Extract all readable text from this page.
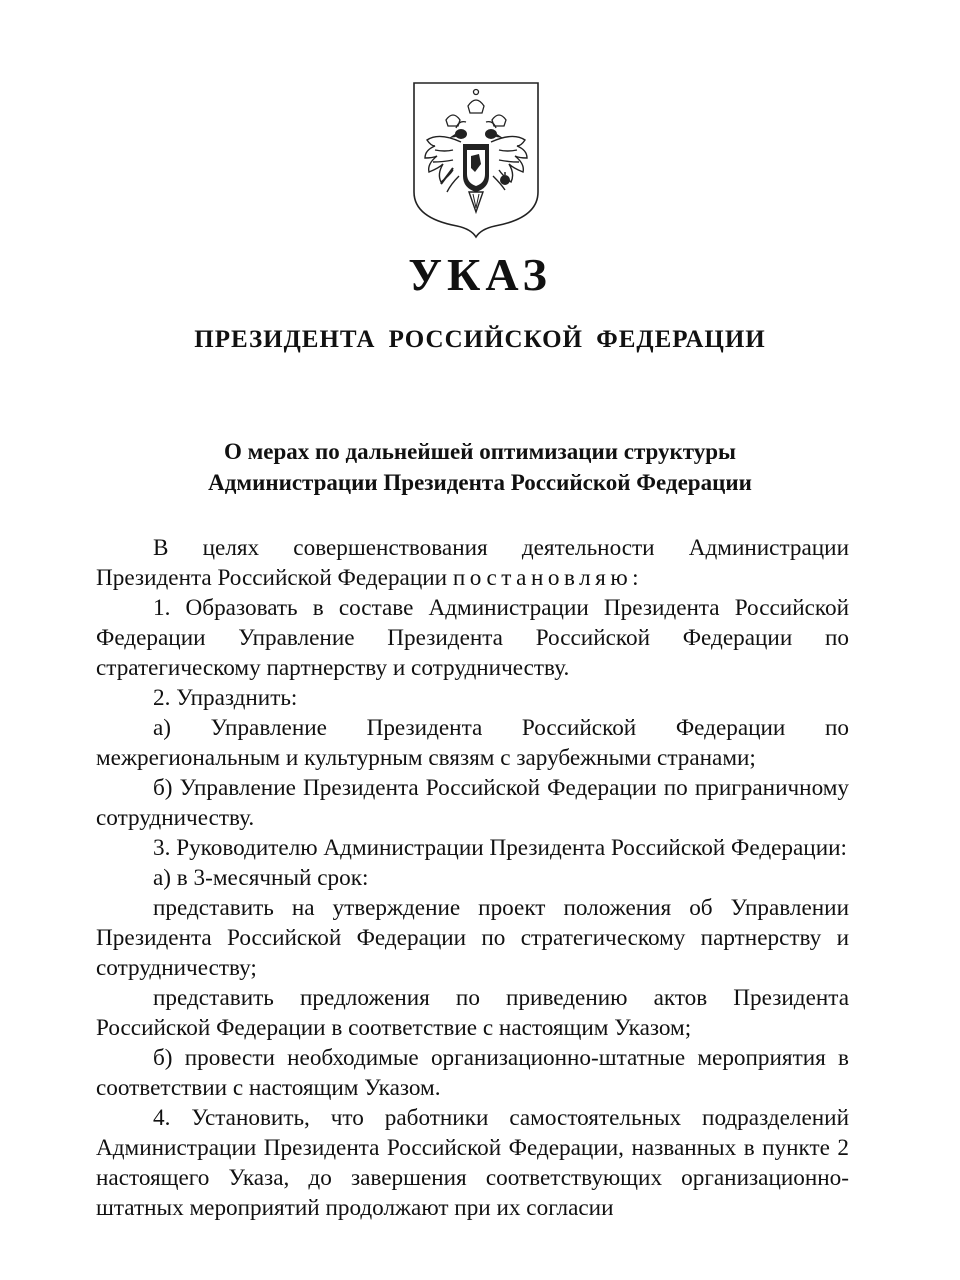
УКАЗ
ПРЕЗИДЕНТА РОССИЙСКОЙ ФЕДЕРАЦИИ
О мерах по дальнейшей оптимизации структуры
Администрации Президента Российской Федерации

В целях совершенствования деятельности Администрации Президента Российской Федерации постановляю:

1. Образовать в составе Администрации Президента Российской Федерации Управление Президента Российской Федерации по стратегическому партнерству и сотрудничеству.

2. Упразднить:

а) Управление Президента Российской Федерации по межрегиональным и культурным связям с зарубежными странами;

б) Управление Президента Российской Федерации по приграничному сотрудничеству.

3. Руководителю Администрации Президента Российской Федерации:

а) в 3-месячный срок:

представить на утверждение проект положения об Управлении Президента Российской Федерации по стратегическому партнерству и сотрудничеству;

представить предложения по приведению актов Президента Российской Федерации в соответствие с настоящим Указом;

б) провести необходимые организационно-штатные мероприятия в соответствии с настоящим Указом.

4. Установить, что работники самостоятельных подразделений Администрации Президента Российской Федерации, названных в пункте 2 настоящего Указа, до завершения соответствующих организационно-штатных мероприятий продолжают при их согласии
